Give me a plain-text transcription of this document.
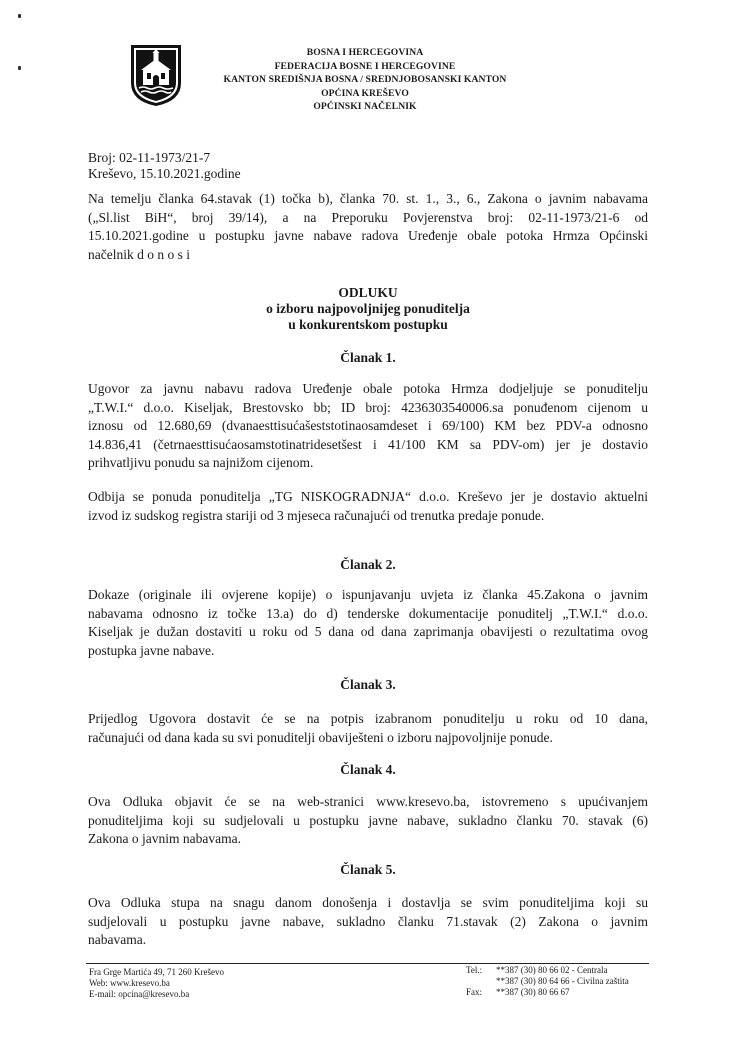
BOSNA I HERCEGOVINA
FEDERACIJA BOSNE I HERCEGOVINE
KANTON SREDIŠNJA BOSNA / SREDNJOBOSANSKI KANTON
OPĆINA KREŠEVO
OPĆINSKI NAČELNIK
Broj: 02-11-1973/21-7
Kreševo, 15.10.2021.godine
Na temelju članka 64.stavak (1) točka b), članka 70. st. 1., 3., 6., Zakona o javnim nabavama
(„Sl.list BiH“, broj 39/14), a na Preporuku Povjerenstva broj: 02-11-1973/21-6 od
15.10.2021.godine u postupku javne nabave radova Uređenje obale potoka Hrmza Općinski
načelnik d o n o s i
ODLUKU
o izboru najpovoljnijeg ponuditelja
u konkurentskom postupku
Članak 1.
Ugovor za javnu nabavu radova Uređenje obale potoka Hrmza dodjeljuje se ponuditelju
„T.W.I.“ d.o.o. Kiseljak, Brestovsko bb; ID broj: 4236303540006.sa ponuđenom cijenom u
iznosu od 12.680,69 (dvanaesttisućašeststotinaosamdeset i 69/100) KM bez PDV-a odnosno
14.836,41 (četrnaesttisućaosamstotinatridesetšest i 41/100 KM sa PDV-om) jer je dostavio
prihvatljivu ponudu sa najnižom cijenom.
Odbija se ponuda ponuditelja „TG NISKOGRADNJA“ d.o.o. Kreševo jer je dostavio aktuelni
izvod iz sudskog registra stariji od 3 mjeseca računajući od trenutka predaje ponude.
Članak 2.
Dokaze (originale ili ovjerene kopije) o ispunjavanju uvjeta iz članka 45.Zakona o javnim
nabavama odnosno iz točke 13.a) do d) tenderske dokumentacije ponuditelj „T.W.I.“ d.o.o.
Kiseljak je dužan dostaviti u roku od 5 dana od dana zaprimanja obavijesti o rezultatima ovog
postupka javne nabave.
Članak 3.
Prijedlog Ugovora dostavit će se na potpis izabranom ponuditelju u roku od 10 dana,
računajući od dana kada su svi ponuditelji obaviješteni o izboru najpovoljnije ponude.
Članak 4.
Ova Odluka objavit će se na web-stranici www.kresevo.ba, istovremeno s upućivanjem
ponuditeljima koji su sudjelovali u postupku javne nabave, sukladno članku 70. stavak (6)
Zakona o javnim nabavama.
Članak 5.
Ova Odluka stupa na snagu danom donošenja i dostavlja se svim ponuditeljima koji su
sudjelovali u postupku javne nabave, sukladno članku 71.stavak (2) Zakona o javnim
nabavama.
Fra Grge Martića 49, 71 260 Kreševo
Web: www.kresevo.ba
E-mail: opcina@kresevo.ba
Tel.: **387 (30) 80 66 02 - Centrala
**387 (30) 80 64 66 - Civilna zaštita
Fax: **387 (30) 80 66 67
